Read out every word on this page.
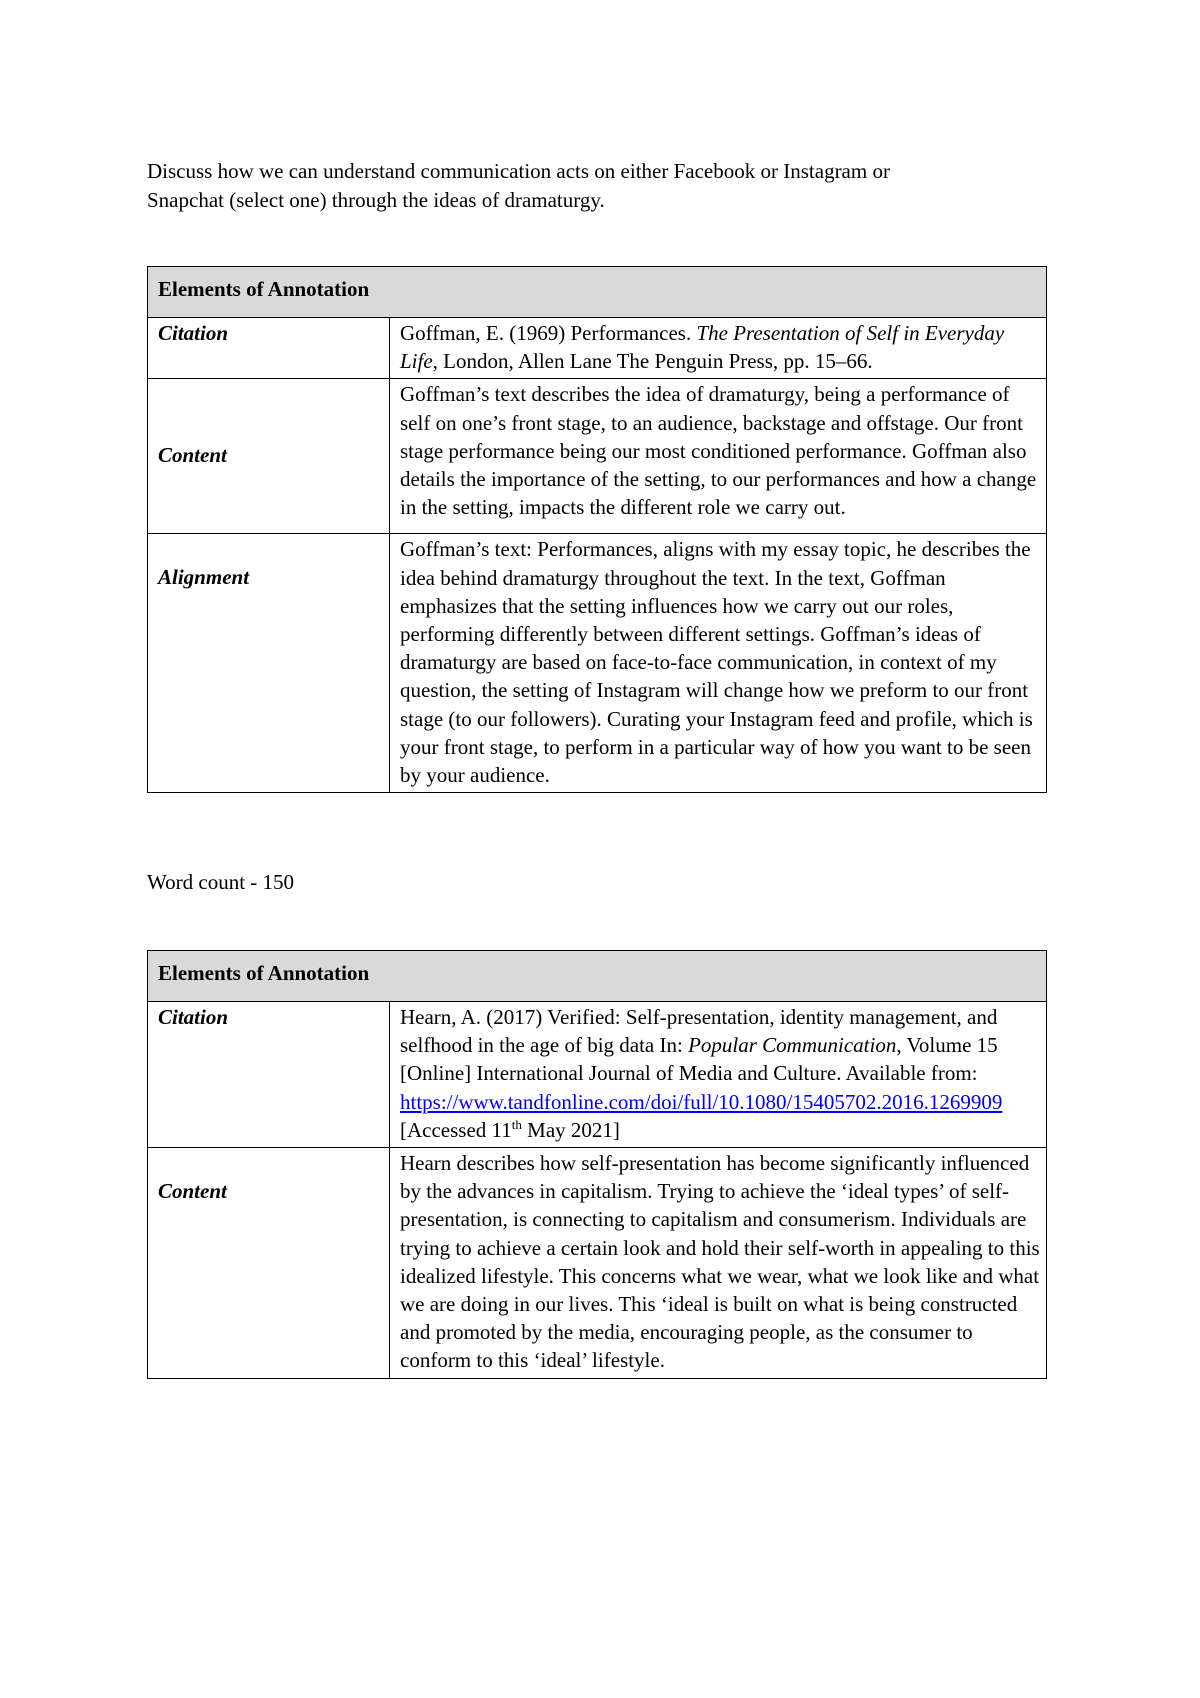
Discuss how we can understand communication acts on either Facebook or Instagram or
Snapchat (select one) through the ideas of dramaturgy.
Elements of Annotation	
Citation	Goffman, E. (1969) Performances. The Presentation of Self in Everyday Life, London, Allen Lane The Penguin Press, pp. 15–66.
Content	Goffman’s text describes the idea of dramaturgy, being a performance of self on one’s front stage, to an audience, backstage and offstage. Our front stage performance being our most conditioned performance. Goffman also details the importance of the setting, to our performances and how a change in the setting, impacts the different role we carry out.
Alignment	Goffman’s text: Performances, aligns with my essay topic, he describes the idea behind dramaturgy throughout the text. In the text, Goffman emphasizes that the setting influences how we carry out our roles, performing differently between different settings. Goffman’s ideas of dramaturgy are based on face-to-face communication, in context of my question, the setting of Instagram will change how we preform to our front stage (to our followers). Curating your Instagram feed and profile, which is your front stage, to perform in a particular way of how you want to be seen by your audience.
Word count - 150
Elements of Annotation	
Citation	Hearn, A. (2017) Verified: Self-presentation, identity management, and selfhood in the age of big data In: Popular Communication, Volume 15 [Online] International Journal of Media and Culture. Available from:
https://www.tandfonline.com/doi/full/10.1080/15405702.2016.1269909
[Accessed 11th May 2021]
Content	Hearn describes how self-presentation has become significantly influenced by the advances in capitalism. Trying to achieve the ‘ideal types’ of self-presentation, is connecting to capitalism and consumerism. Individuals are trying to achieve a certain look and hold their self-worth in appealing to this idealized lifestyle. This concerns what we wear, what we look like and what we are doing in our lives. This ‘ideal is built on what is being constructed and promoted by the media, encouraging people, as the consumer to conform to this ‘ideal’ lifestyle.
